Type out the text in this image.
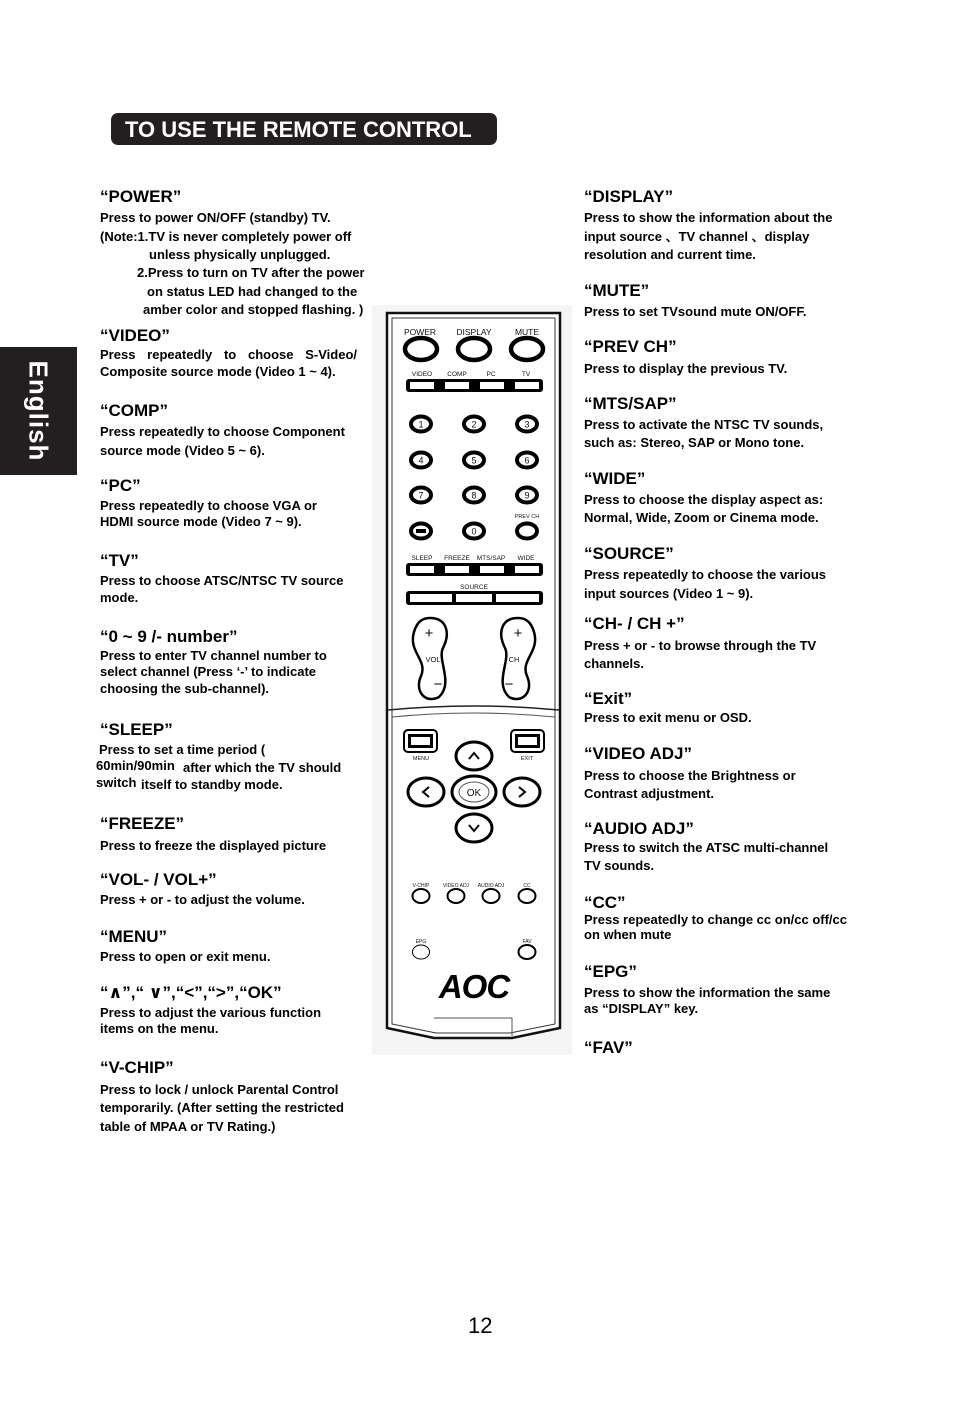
TO USE THE REMOTE CONTROL
English
“POWER”
Press to power ON/OFF (standby) TV.
(Note:1.TV is never completely power off
unless physically unplugged.
2.Press to turn on TV after the power
on status LED had changed to the
amber color and stopped flashing. )
“VIDEO”
Press repeatedly to choose S-Video/
Composite source mode (Video 1 ~ 4).
“COMP”
Press repeatedly to choose Component
source mode (Video 5 ~ 6).
“PC”
Press repeatedly to choose VGA or
HDMI source mode (Video 7 ~ 9).
“TV”
Press to choose ATSC/NTSC TV source
mode.
“0 ~ 9 /- number”
Press to enter TV channel number to
select channel (Press ‘-’ to indicate
choosing the sub-channel).
“SLEEP”
Press to set a time period (
60min/90min after which the TV should
switch itself to standby mode.
“FREEZE”
Press to freeze the displayed picture
“VOL- / VOL+”
Press + or - to adjust the volume.
“MENU”
Press to open or exit menu.
“∧”,“ ∨”,“<”,“>”,“OK”
Press to adjust the various function
items on the menu.
“V-CHIP”
Press to lock / unlock Parental Control
temporarily. (After setting the restricted
table of MPAA or TV Rating.)
“DISPLAY”
Press to show the information about the
input source 、TV channel 、display
resolution and current time.
“MUTE”
Press to set TVsound mute ON/OFF.
“PREV CH”
Press to display the previous TV.
“MTS/SAP”
Press to activate the NTSC TV sounds,
such as: Stereo, SAP or Mono tone.
“WIDE”
Press to choose the display aspect as:
Normal, Wide, Zoom or Cinema mode.
“SOURCE”
Press repeatedly to choose the various
input sources (Video 1 ~ 9).
“CH- / CH +”
Press + or - to browse through the TV
channels.
“Exit”
Press to exit menu or OSD.
“VIDEO ADJ”
Press to choose the Brightness or
Contrast adjustment.
“AUDIO ADJ”
Press to switch the ATSC multi-channel
TV sounds.
“CC”
Press repeatedly to change cc on/cc off/cc
on when mute
“EPG”
Press to show the information the same
as “DISPLAY” key.
“FAV”
POWER DISPLAY	MUTE
VIDEO COMP	PC	TV
1	2	3
4	5	6
7	8	9
0
PREV CH
SLEEP FREEZE MTS/SAP WIDE
SOURCE
+
−
VOL
+
−
CH
MENU	EXIT
OK
V-CHIP	VIDEO ADJ AUDIO ADJ	CC
EPG	FAV
AOC
12
